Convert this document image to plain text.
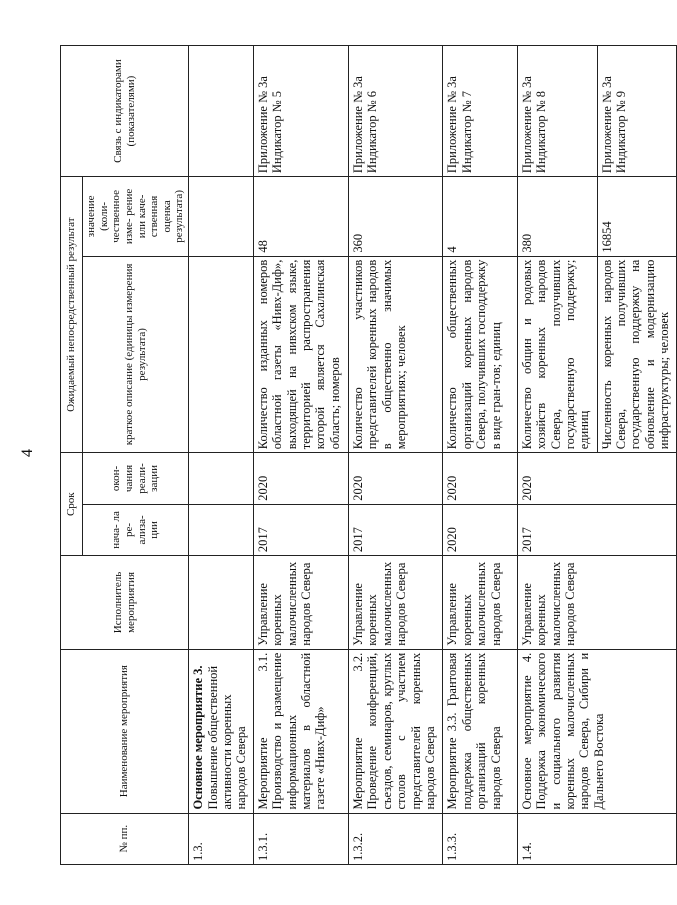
4
№ пп.	Наименование мероприятия	Исполнитель мероприятия	Срок		Ожидаемый непосредственный результат		Связь с индикаторами (показателями)
			нача- ла ре- ализа- ции	окон- чания реали- зации	краткое описание (единицы измерения результата)	значение (коли- чественное изме- рение или каче- ственная оценка результата)	

1.3.	Основное мероприятие 3. Повышение общественной активности коренных народов Севера						
1.3.1.	Мероприятие 3.1. Производство и размещение информационных материалов в областной газете «Нивх-Диф»	Управление коренных малочисленных народов Севера	2017	2020	Количество изданных номеров областной газеты «Нивх-Диф», выходящей на нивхском языке, территорией распространения которой является Сахалинская область; номеров	48	Приложение № 3а Индикатор № 5
1.3.2.	Мероприятие 3.2. Проведение конференций, съездов, семинаров, круглых столов с участием представителей коренных народов Севера	Управление коренных малочисленных народов Севера	2017	2020	Количество участников представителей коренных народов в общественно значимых мероприятиях; человек	360	Приложение № 3а Индикатор № 6
1.3.3.	Мероприятие 3.3. Грантовая поддержка общественных организаций коренных народов Севера	Управление коренных малочисленных народов Севера	2020	2020	Количество общественных организаций коренных народов Севера, получивших господдержку в виде гран-тов; единиц	4	Приложение № 3а Индикатор № 7
1.4.	Основное мероприятие 4. Поддержка экономического и социального развития коренных малочисленных народов Севера, Сибири и Дальнего Востока	Управление коренных малочисленных народов Севера	2017	2020	Количество общин и родовых хозяйств коренных народов Севера, получивших государственную поддержку; единиц	380	Приложение № 3а Индикатор № 8
					Численность коренных народов Севера, получивших государственную поддержку на обновление и модернизацию инфраструктуры; человек	16854	Приложение № 3а Индикатор № 9
